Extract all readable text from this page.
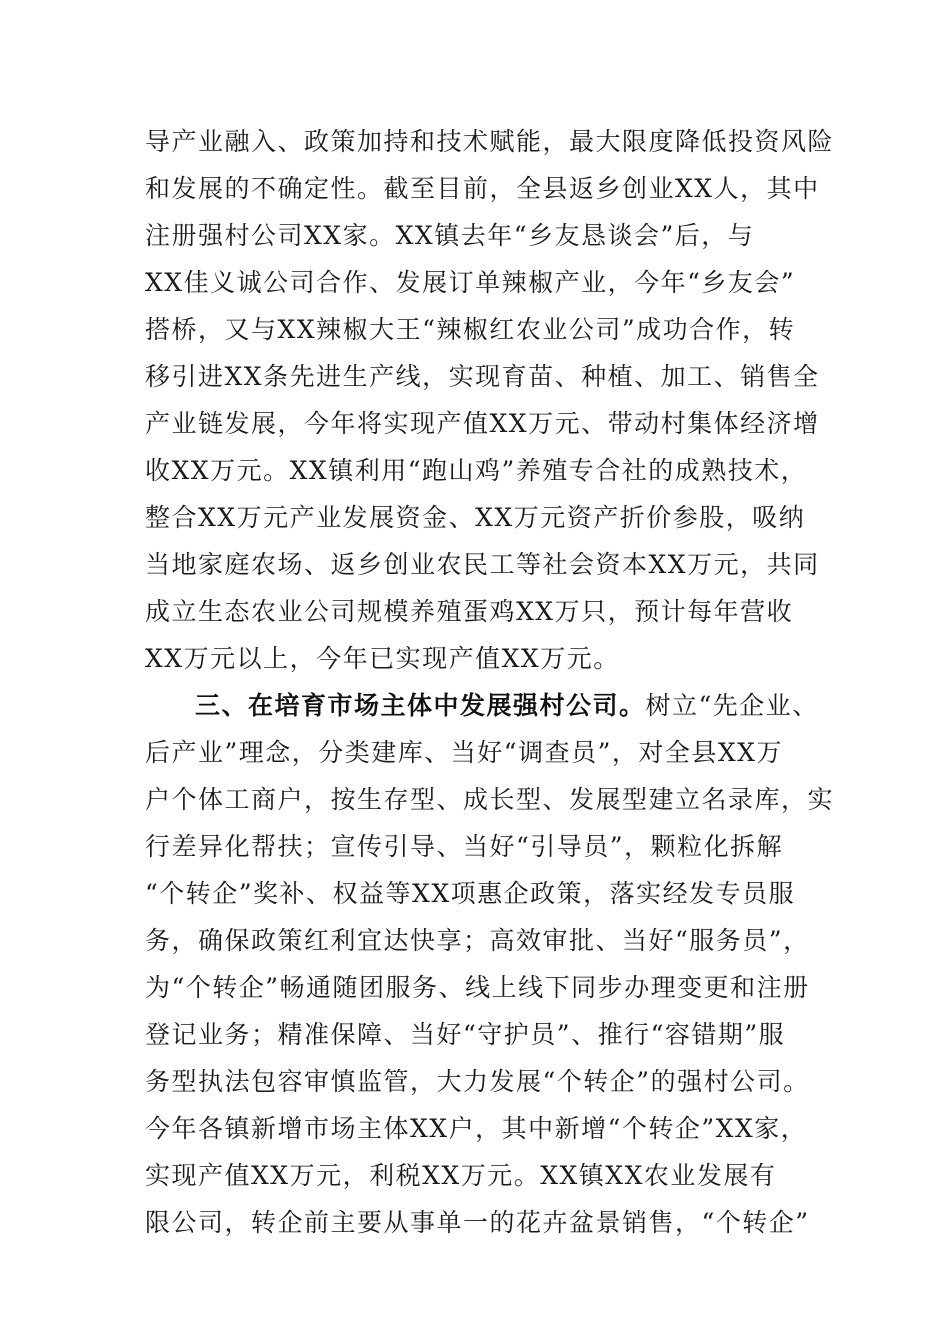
导产业融入、政策加持和技术赋能，最大限度降低投资风险
和发展的不确定性。截至目前，全县返乡创业XX人，其中
注册强村公司XX家。XX镇去年“乡友恳谈会”后，与
XX佳义诚公司合作、发展订单辣椒产业，今年“乡友会”
搭桥，又与XX辣椒大王“辣椒红农业公司”成功合作，转
移引进XX条先进生产线，实现育苗、种植、加工、销售全
产业链发展，今年将实现产值XX万元、带动村集体经济增
收XX万元。XX镇利用“跑山鸡”养殖专合社的成熟技术，
整合XX万元产业发展资金、XX万元资产折价参股，吸纳
当地家庭农场、返乡创业农民工等社会资本XX万元，共同
成立生态农业公司规模养殖蛋鸡XX万只，预计每年营收
XX万元以上，今年已实现产值XX万元。
三、在培育市场主体中发展强村公司。树立“先企业、
后产业”理念，分类建库、当好“调查员”，对全县XX万
户个体工商户，按生存型、成长型、发展型建立名录库，实
行差异化帮扶；宣传引导、当好“引导员”，颗粒化拆解
“个转企”奖补、权益等XX项惠企政策，落实经发专员服
务，确保政策红利宜达快享；高效审批、当好“服务员”，
为“个转企”畅通随团服务、线上线下同步办理变更和注册
登记业务；精准保障、当好“守护员”、推行“容错期”服
务型执法包容审慎监管，大力发展“个转企”的强村公司。
今年各镇新增市场主体XX户，其中新增“个转企”XX家，
实现产值XX万元，利税XX万元。XX镇XX农业发展有
限公司，转企前主要从事单一的花卉盆景销售，“个转企”
